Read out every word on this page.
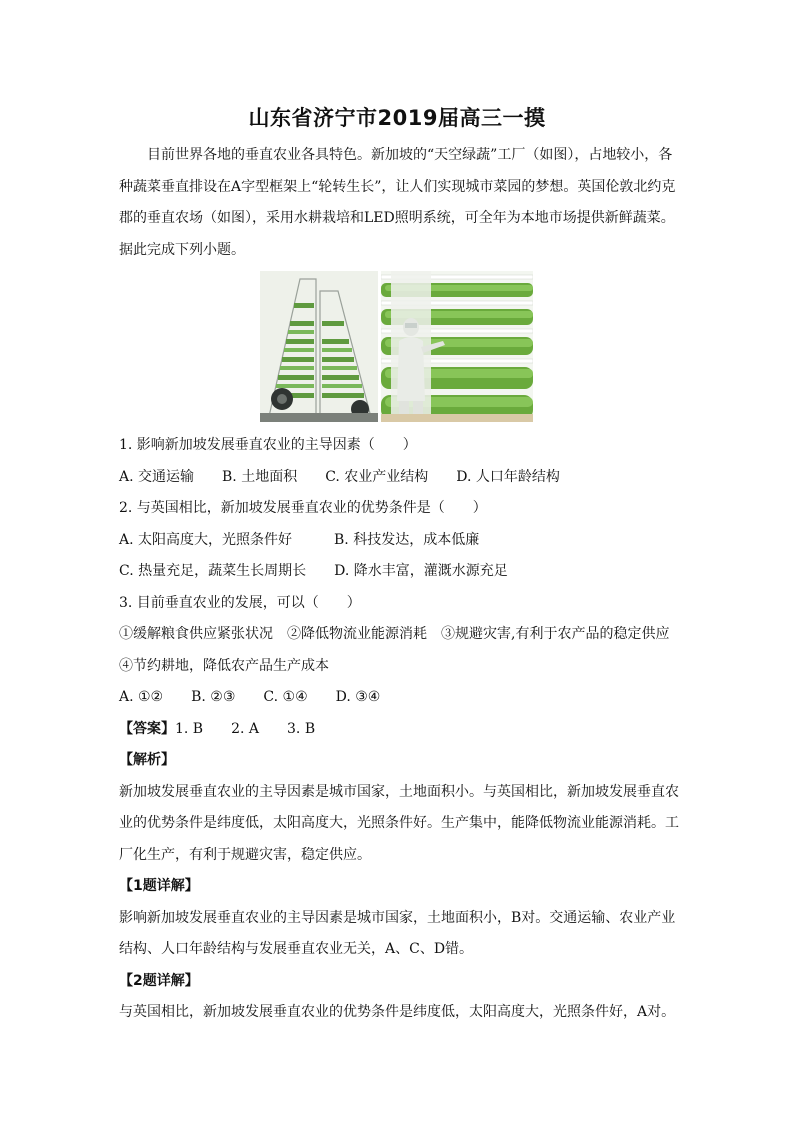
山东省济宁市2019届高三一摸

目前世界各地的垂直农业各具特色。新加坡的“天空绿蔬”工厂（如图），占地较小，各种蔬菜垂直排设在A字型框架上“轮转生长”，让人们实现城市菜园的梦想。英国伦敦北约克郡的垂直农场（如图），采用水耕栽培和LED照明系统，可全年为本地市场提供新鲜蔬菜。据此完成下列小题。

1. 影响新加坡发展垂直农业的主导因素（　　）

A. 交通运输　　B. 土地面积　　C. 农业产业结构　　D. 人口年龄结构

2. 与英国相比，新加坡发展垂直农业的优势条件是（　　）

A. 太阳高度大，光照条件好　　　B. 科技发达，成本低廉

C. 热量充足，蔬菜生长周期长　　D. 降水丰富，灌溉水源充足

3. 目前垂直农业的发展，可以（　　）

①缓解粮食供应紧张状况　②降低物流业能源消耗　③规避灾害,有利于农产品的稳定供应

④节约耕地，降低农产品生产成本

A. ①②　　B. ②③　　C. ①④　　D. ③④

【答案】1. B　　2. A　　3. B

【解析】

新加坡发展垂直农业的主导因素是城市国家，土地面积小。与英国相比，新加坡发展垂直农

业的优势条件是纬度低，太阳高度大，光照条件好。生产集中，能降低物流业能源消耗。工

厂化生产，有利于规避灾害，稳定供应。

【1题详解】

影响新加坡发展垂直农业的主导因素是城市国家，土地面积小，B对。交通运输、农业产业

结构、人口年龄结构与发展垂直农业无关，A、C、D错。

【2题详解】

与英国相比，新加坡发展垂直农业的优势条件是纬度低，太阳高度大，光照条件好，A对。
